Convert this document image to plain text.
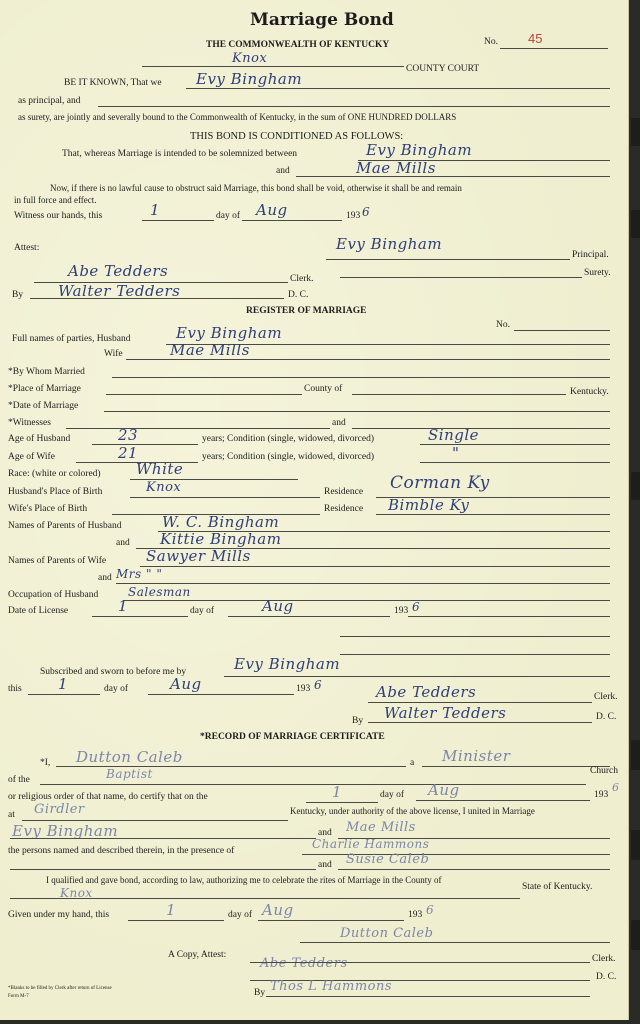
Marriage Bond
THE COMMONWEALTH OF KENTUCKY	No. 45
Knox
COUNTY COURT
BE IT KNOWN, That we Evy Bingham
as principal, and
as surety, are jointly and severally bound to the Commonwealth of Kentucky, in the sum of ONE HUNDRED DOLLARS
THIS BOND IS CONDITIONED AS FOLLOWS:
That, whereas Marriage is intended to be solemnized between	Evy Bingham
and	Mae Mills
Now, if there is no lawful cause to obstruct said Marriage, this bond shall be void, otherwise it shall be and remain
in full force and effect.
Witness our hands, this	1	day of Aug	193 6
Attest:	Evy Bingham
Principal.
Surety.
Abe Tedders	Clerk.
By Walter Tedders	D. C.
REGISTER OF MARRIAGE
No.
Full names of parties, Husband	Evy Bingham
Wife	Mae Mills
*By Whom Married
*Place of Marriage	County of	Kentucky.
*Date of Marriage
*Witnesses	and
Age of Husband	23	years; Condition (single, widowed, divorced)	Single
Age of Wife	21	years; Condition (single, widowed, divorced)	"
Race: (white or colored) White
Husband's Place of Birth	Knox	Residence Corman Ky
Wife's Place of Birth	Residence Bimble Ky
Names of Parents of Husband	W. C. Bingham
and Kittie Bingham
Names of Parents of Wife	Sawyer Mills
and Mrs " "
Occupation of Husband Salesman
Date of License	1	day of	Aug	193 6
Subscribed and sworn to before me by	Evy Bingham
this 1	day of	Aug	193 6	Abe Tedders	Clerk.
By Walter Tedders	D. C.
*RECORD OF MARRIAGE CERTIFICATE
*I, Dutton Caleb	a Minister
of the	Baptist	Church
or religious order of that name, do certify that on the	1	day of Aug	193
6
at Girdler	Kentucky, under authority of the above license, I united in Marriage
Evy Bingham	and Mae Mills
the persons named and described therein, in the presence of	Charlie Hammons
and Susie Caleb
I qualified and gave bond, according to law, authorizing me to celebrate the rites of Marriage in the County of
Knox	State of Kentucky.
Given under my hand, this	1	day of Aug	193 6
Dutton Caleb
A Copy, Attest:
Abe Tedders	Clerk.
D. C.
By Thos L Hammons
*Blanks to be filled by Clerk after return of License
Form M-7
